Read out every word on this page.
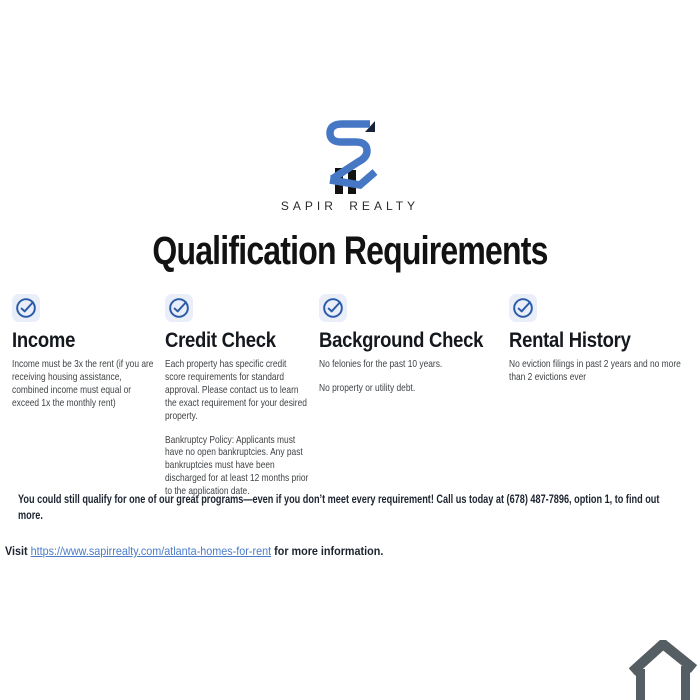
SAPIR REALTY
Qualification Requirements
Income

Income must be 3x the rent (if you are receiving housing assistance, combined income must equal or exceed 1x the monthly rent)

Credit Check

Each property has specific credit score requirements for standard approval. Please contact us to learn the exact requirement for your desired property.

Bankruptcy Policy: Applicants must have no open bankruptcies. Any past bankruptcies must have been discharged for at least 12 months prior to the application date.

Background Check

No felonies for the past 10 years.

No property or utility debt.

Rental History

No eviction filings in past 2 years and no more than 2 evictions ever

You could still qualify for one of our great programs—even if you don’t meet every requirement! Call us today at (678) 487-7896, option 1, to find out more.

Visit https://www.sapirrealty.com/atlanta-homes-for-rent for more information.
